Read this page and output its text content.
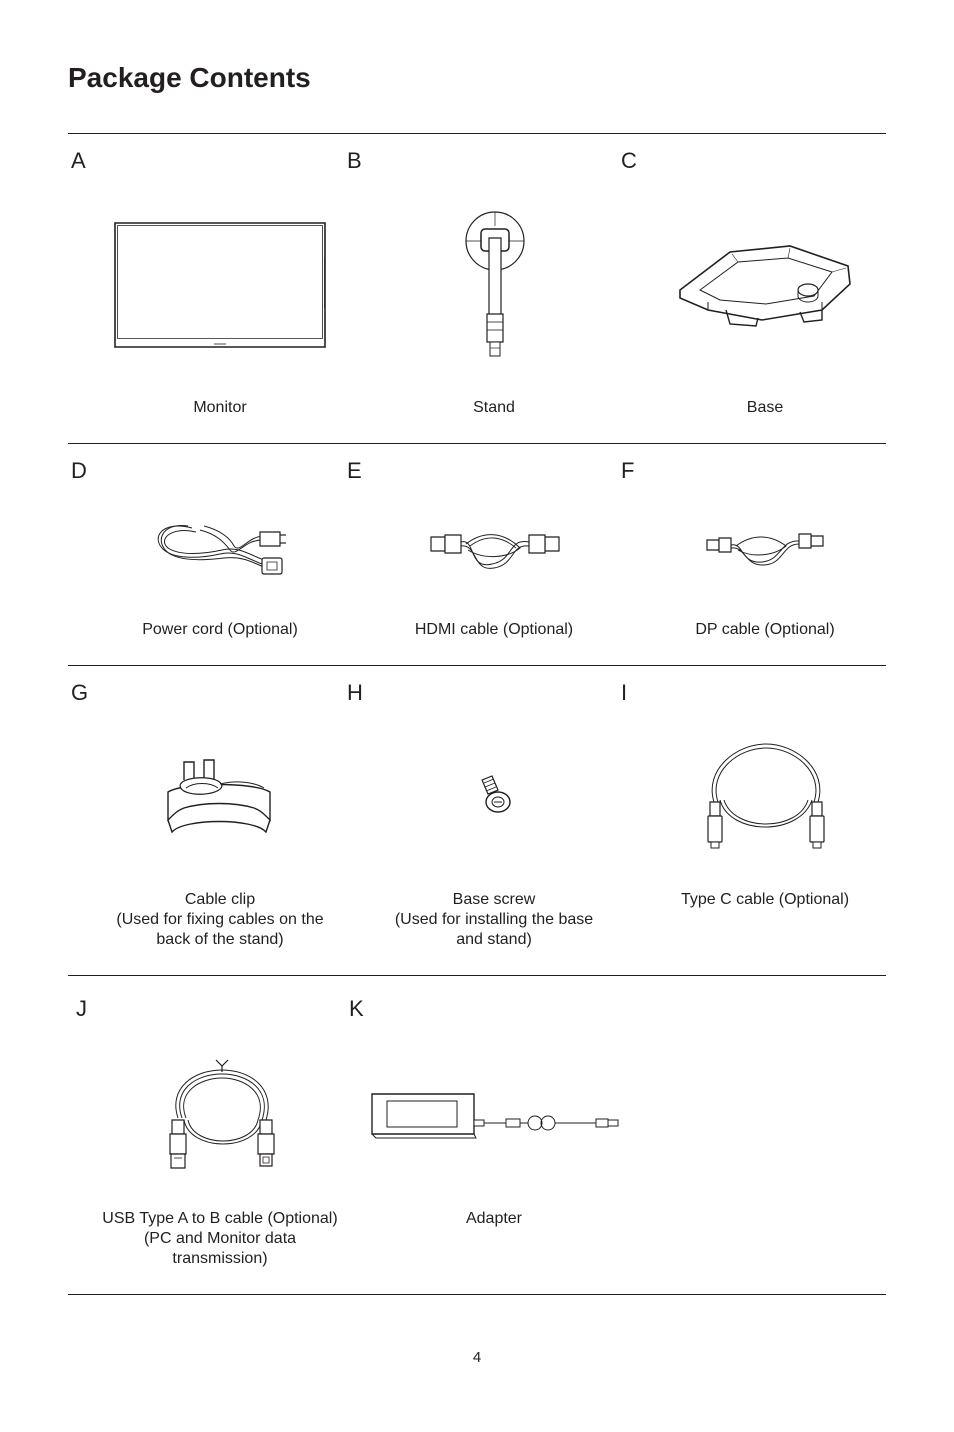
Package Contents
A
Monitor
B
Stand
C
Base
D
Power cord (Optional)
E
HDMI cable (Optional)
F
DP cable (Optional)
G
Cable clip
(Used for fixing cables on the
back of the stand)
H
Base screw
(Used for installing the base
and stand)
I
Type C cable (Optional)
J
USB Type A to B cable (Optional)
(PC and Monitor data
transmission)
K
Adapter
4
